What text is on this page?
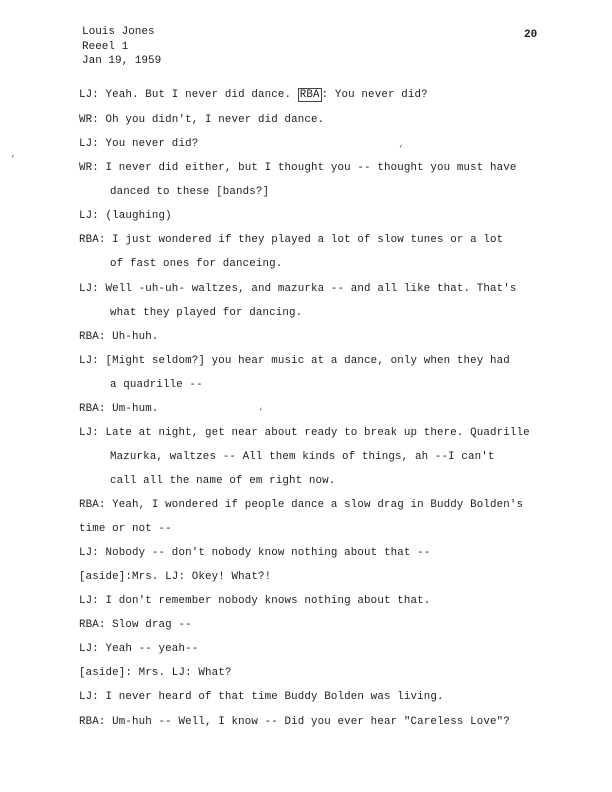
Louis Jones
Reeel 1
Jan 19, 1959
20
LJ: Yeah. But I never did dance. RBA : You never did?
WR: Oh you didn't, I never did dance.
LJ: You never did?
WR: I never did either, but I thought you -- thought you must have
danced to these [bands?]
LJ: (laughing)
RBA: I just wondered if they played a lot of slow tunes or a lot
of fast ones for danceing.
LJ: Well -uh-uh- waltzes, and mazurka -- and all like that. That's
what they played for dancing.
RBA: Uh-huh.
LJ: [Might seldom?] you hear music at a dance, only when they had
a quadrille --
RBA: Um-hum.
LJ: Late at night, get near about ready to break up there. Quadrille
Mazurka, waltzes -- All them kinds of things, ah --I can't
call all the name of em right now.
RBA: Yeah, I wondered if people dance a slow drag in Buddy Bolden's
time or not --
LJ: Nobody -- don't nobody know nothing about that --
[aside]:Mrs. LJ: Okey! What?!
LJ: I don't remember nobody knows nothing about that.
RBA: Slow drag --
LJ: Yeah -- yeah--
[aside]: Mrs. LJ: What?
LJ: I never heard of that time Buddy Bolden was living.
RBA: Um-huh -- Well, I know -- Did you ever hear "Careless Love"?
‘
‘
‘
